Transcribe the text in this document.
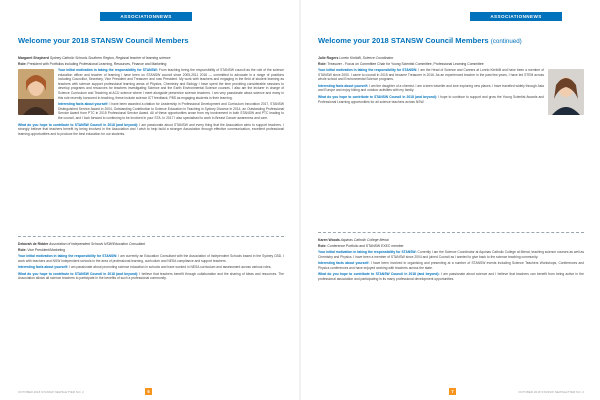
ASSOCIATIONNEWS
Welcome your 2018 STANSW Council Members
Margaret Shepherd Sydney Catholic Schools Southern Region, Regional teacher of learning science
Role: President with Portfolios including Professional Learning, Resources, Finance and Marketing
Your initial motivation in taking the responsibility for STANSW: From teaching being the responsibility of STANSW council as the role of the science education officer and teacher of learning I have been on STANSW council since 2005-2011 2016 — committed to advocate in a range of positions including Councillor, Secretary, Vice President and Treasurer and now President. My work with teachers and engaging in the field of student learning as teachers with science support professional learning areas of Physics, Chemistry and Biology I have spent the time providing considerable sessions to develop programs and resources for teachers investigating Science and the Earth Environmental Science courses. I also am the lecturer in charge of Science Curriculum and Teaching at ACU science where I meet alongside preservice science teachers. I am very passionate about science and many in this role recently honoured in teaching, these include science ICT feedback, PBS as engaging students in their learning.
Interesting facts about yourself: I have been awarded a citation for Leadership in Professional Development and Curriculum Innovation 2017, STANSW Distinguished Service Award in 2004, Outstanding Contribution to Science Education in Teaching in Sydney Diocese in 2014, an Outstanding Professional Service Award from PTC in 2015 Professional Service Award. All of these opportunities arose from my involvement in both STANSW and PTC leading to the council, and I look forward to continuing to be involved in your STA. In 2017 I also specialised to work in Breast Cancer awareness and care.
What do you hope to contribute to STANSW Council in 2018 (and beyond): I am passionate about STANSW and every thing that the Association aims to support teachers. I strongly believe that teachers benefit by being involved in the Association and I wish to help build a stronger Association through effective communication, excellent professional learning opportunities and to produce the best education for our students.
Deborah de Ridder Association of Independent Schools NSW/Education Consultant
Role: Vice President/Marketing
Your initial motivation in taking the responsibility for STANSW: I am currently an Education Consultant with the Association of Independent Schools based in the Sydney CBD. I work with teachers and NSW independent schools in the area of professional learning, curriculum and NESA compliance and support teachers.
Interesting facts about yourself: I am passionate about promoting science education in schools and have worked in NESA curriculum and assessment across various roles.
What do you hope to contribute to STANSW Council in 2018 (and beyond): I believe that teachers benefit through collaboration and the sharing of ideas and resources. The Association allows all science teachers to participate in the benefits of such a professional community.
OCTOBER 2018 STANSW NEWSLETTER NO. 2	6
ASSOCIATIONNEWS
Welcome your 2018 STANSW Council Members (continued)
Julie Rogers Loreto Kirribilli, Science Coordinator
Role: Treasurer - Focus on Committee Chair for Young Scientist Committee, Professional Learning Committee
Your initial motivation in taking the responsibility for STANSW: I am the Head of Science and Careers at Loreto Kirribilli and have been a member of STANSW since 2000. I came to council in 2015 and became Treasurer in 2016. As an experienced teacher in the past few years, I have led STEM across whole school and Environmental Science programs.
Interesting facts about yourself: I am the daughter of a chemist. I am a keen traveller and love exploring new places. I have travelled widely through Asia and Europe and enjoy hiking and outdoor activities with my family.
What do you hope to contribute to STANSW Council in 2018 (and beyond): I hope to continue to support and grow the Young Scientist Awards and Professional Learning opportunities for all science teachers across NSW.
Karen Woods Aquinas Catholic College Menai
Role: Conference Portfolio and STANSW EXEC member
Your initial motivation in taking the responsibility for STANSW: Currently I am the Science Coordinator at Aquinas Catholic College at Menai, teaching science courses as well as Chemistry and Physics. I have been a member of STANSW since 2004 and joined Council as I wanted to give back to the science teaching community.
Interesting facts about yourself: I have been involved in organising and presenting at a number of STANSW events including Science Teachers Workshops, Conferences and Physics conferences and have enjoyed working with teachers across the state.
What do you hope to contribute to STANSW Council in 2018 (and beyond): I am passionate about science and I believe that teachers can benefit from being active in the professional association and participating in its many professional development opportunities.
OCTOBER 2018 STANSW NEWSLETTER NO. 2
7
